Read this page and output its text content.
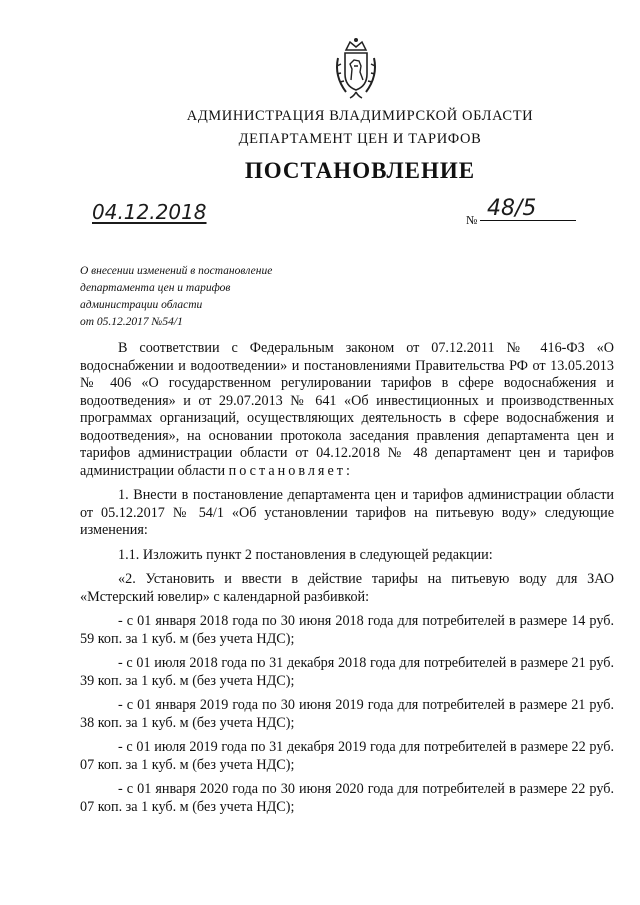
АДМИНИСТРАЦИЯ ВЛАДИМИРСКОЙ ОБЛАСТИ
ДЕПАРТАМЕНТ ЦЕН И ТАРИФОВ
ПОСТАНОВЛЕНИЕ
04.12.2018	№ 48/5
О внесении изменений в постановление
департамента цен и тарифов
администрации области
от 05.12.2017 №54/1

В соответствии с Федеральным законом от 07.12.2011 № 416-ФЗ «О водоснабжении и водоотведении» и постановлениями Правительства РФ от 13.05.2013 № 406 «О государственном регулировании тарифов в сфере водоснабжения и водоотведения» и от 29.07.2013 № 641 «Об инвестиционных и производственных программах организаций, осуществляющих деятельность в сфере водоснабжения и водоотведения», на основании протокола заседания правления департамента цен и тарифов администрации области от 04.12.2018 № 48 департамент цен и тарифов администрации области постановляет:

1. Внести в постановление департамента цен и тарифов администрации области от 05.12.2017 № 54/1 «Об установлении тарифов на питьевую воду» следующие изменения:

1.1. Изложить пункт 2 постановления в следующей редакции:

«2. Установить и ввести в действие тарифы на питьевую воду для ЗАО «Мстерский ювелир» с календарной разбивкой:

- с 01 января 2018 года по 30 июня 2018 года для потребителей в размере 14 руб. 59 коп. за 1 куб. м (без учета НДС);

- с 01 июля 2018 года по 31 декабря 2018 года для потребителей в размере 21 руб. 39 коп. за 1 куб. м (без учета НДС);

- с 01 января 2019 года по 30 июня 2019 года для потребителей в размере 21 руб. 38 коп. за 1 куб. м (без учета НДС);

- с 01 июля 2019 года по 31 декабря 2019 года для потребителей в размере 22 руб. 07 коп. за 1 куб. м (без учета НДС);

- с 01 января 2020 года по 30 июня 2020 года для потребителей в размере 22 руб. 07 коп. за 1 куб. м (без учета НДС);
